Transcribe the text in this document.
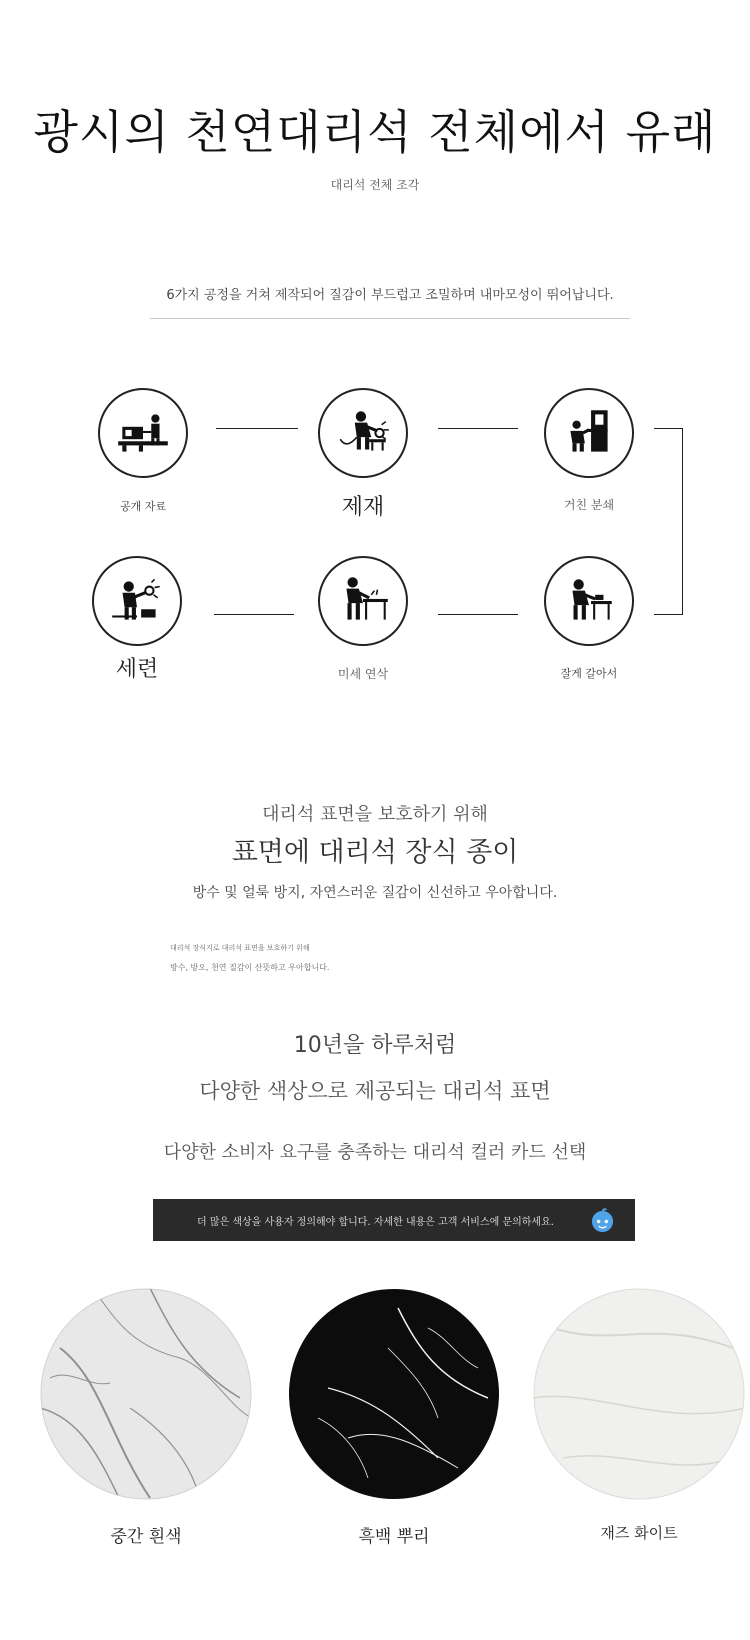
광시의 천연대리석 전체에서 유래
대리석 전체 조각
6가지 공정을 거쳐 제작되어 질감이 부드럽고 조밀하며 내마모성이 뛰어납니다.
공개 자료	제재	거친 분쇄
잘게 갈아서
미세 연삭
세련
대리석 표면을 보호하기 위해
표면에 대리석 장식 종이
방수 및 얼룩 방지, 자연스러운 질감이 신선하고 우아합니다.
대리석 장식지로 대리석 표면을 보호하기 위해
방수, 방오, 천연 질감이 산뜻하고 우아합니다.
10년을 하루처럼
다양한 색상으로 제공되는 대리석 표면
다양한 소비자 요구를 충족하는 대리석 컬러 카드 선택
더 많은 색상을 사용자 정의해야 합니다. 자세한 내용은 고객 서비스에 문의하세요.
중간 흰색	흑백 뿌리	재즈 화이트
